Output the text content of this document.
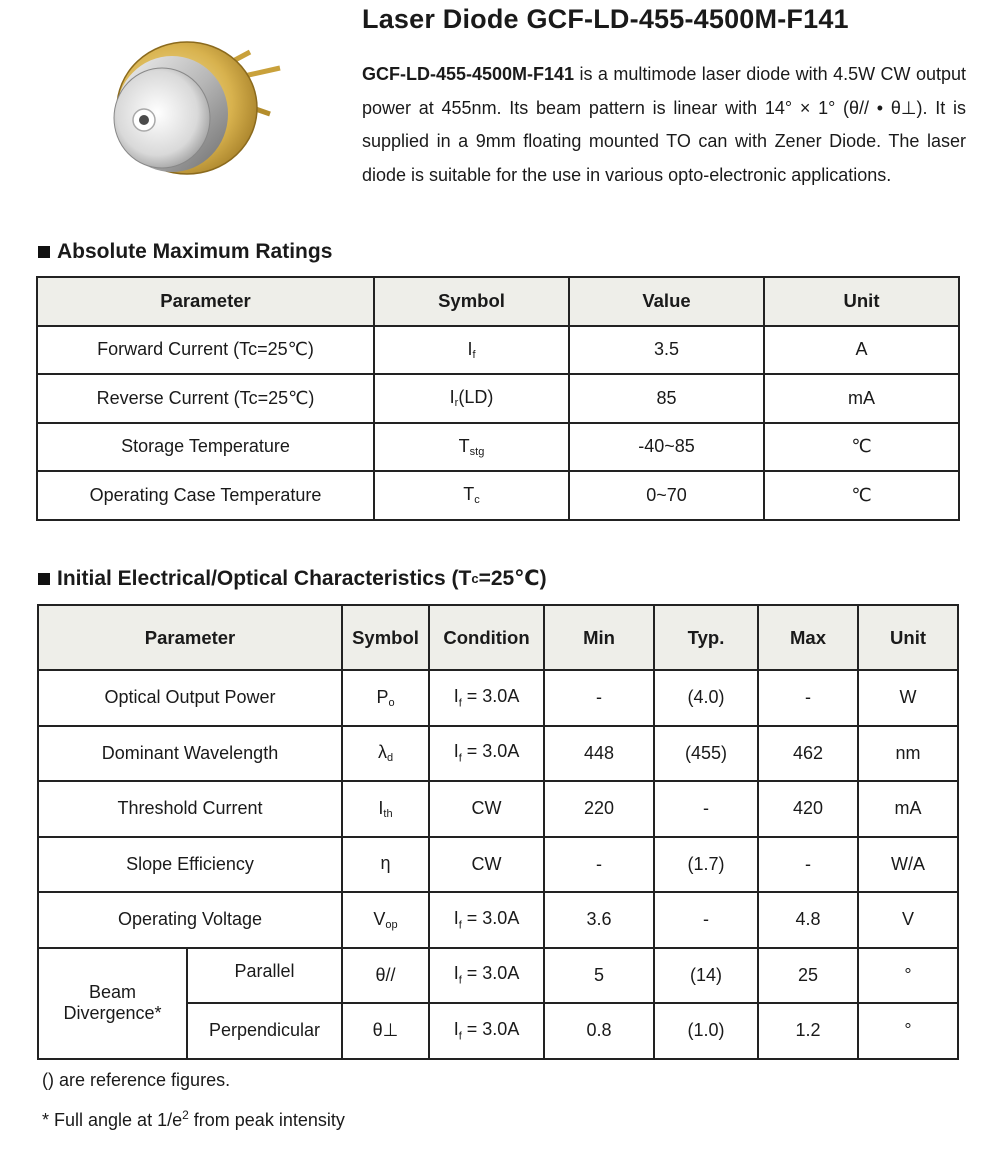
Laser Diode GCF-LD-455-4500M-F141

GCF-LD-455-4500M-F141 is a multimode laser diode with 4.5W CW output power at 455nm. Its beam pattern is linear with 14° × 1° (θ// • θ⊥). It is supplied in a 9mm floating mounted TO can with Zener Diode. The laser diode is suitable for the use in various opto-electronic applications.

Absolute Maximum Ratings
Parameter	Symbol	Value	Unit
Forward Current (Tc=25℃)	$I_f$	3.5	A
Reverse Current (Tc=25℃)	$I_r(LD)$	85	mA
Storage Temperature	$T_{stg}$	-40~85	℃
Operating Case Temperature	$T_c$	0~70	℃
Initial Electrical/Optical Characteristics (T c =25℃)
Parameter		Symbol	Condition	Min	Typ.	Max	Unit
Optical Output Power		$P_o$	$I_f = 3.0A$	-	(4.0)	-	W
Dominant Wavelength		$\lambda_d$	$I_f = 3.0A$	448	(455)	462	nm
Threshold Current		$I_{th}$	CW	220	-	420	mA
Slope Efficiency		η	CW	-	(1.7)	-	W/A
Operating Voltage		$V_{op}$	$I_f = 3.0A$	3.6	-	4.8	V
Beam
Divergence*	Parallel	θ//	$I_f = 3.0A$	5	(14)	25	°
	Perpendicular	θ⊥	$I_f = 3.0A$	0.8	(1.0)	1.2	°

() are reference figures.

* Full angle at $1/e^2$ from peak intensity
